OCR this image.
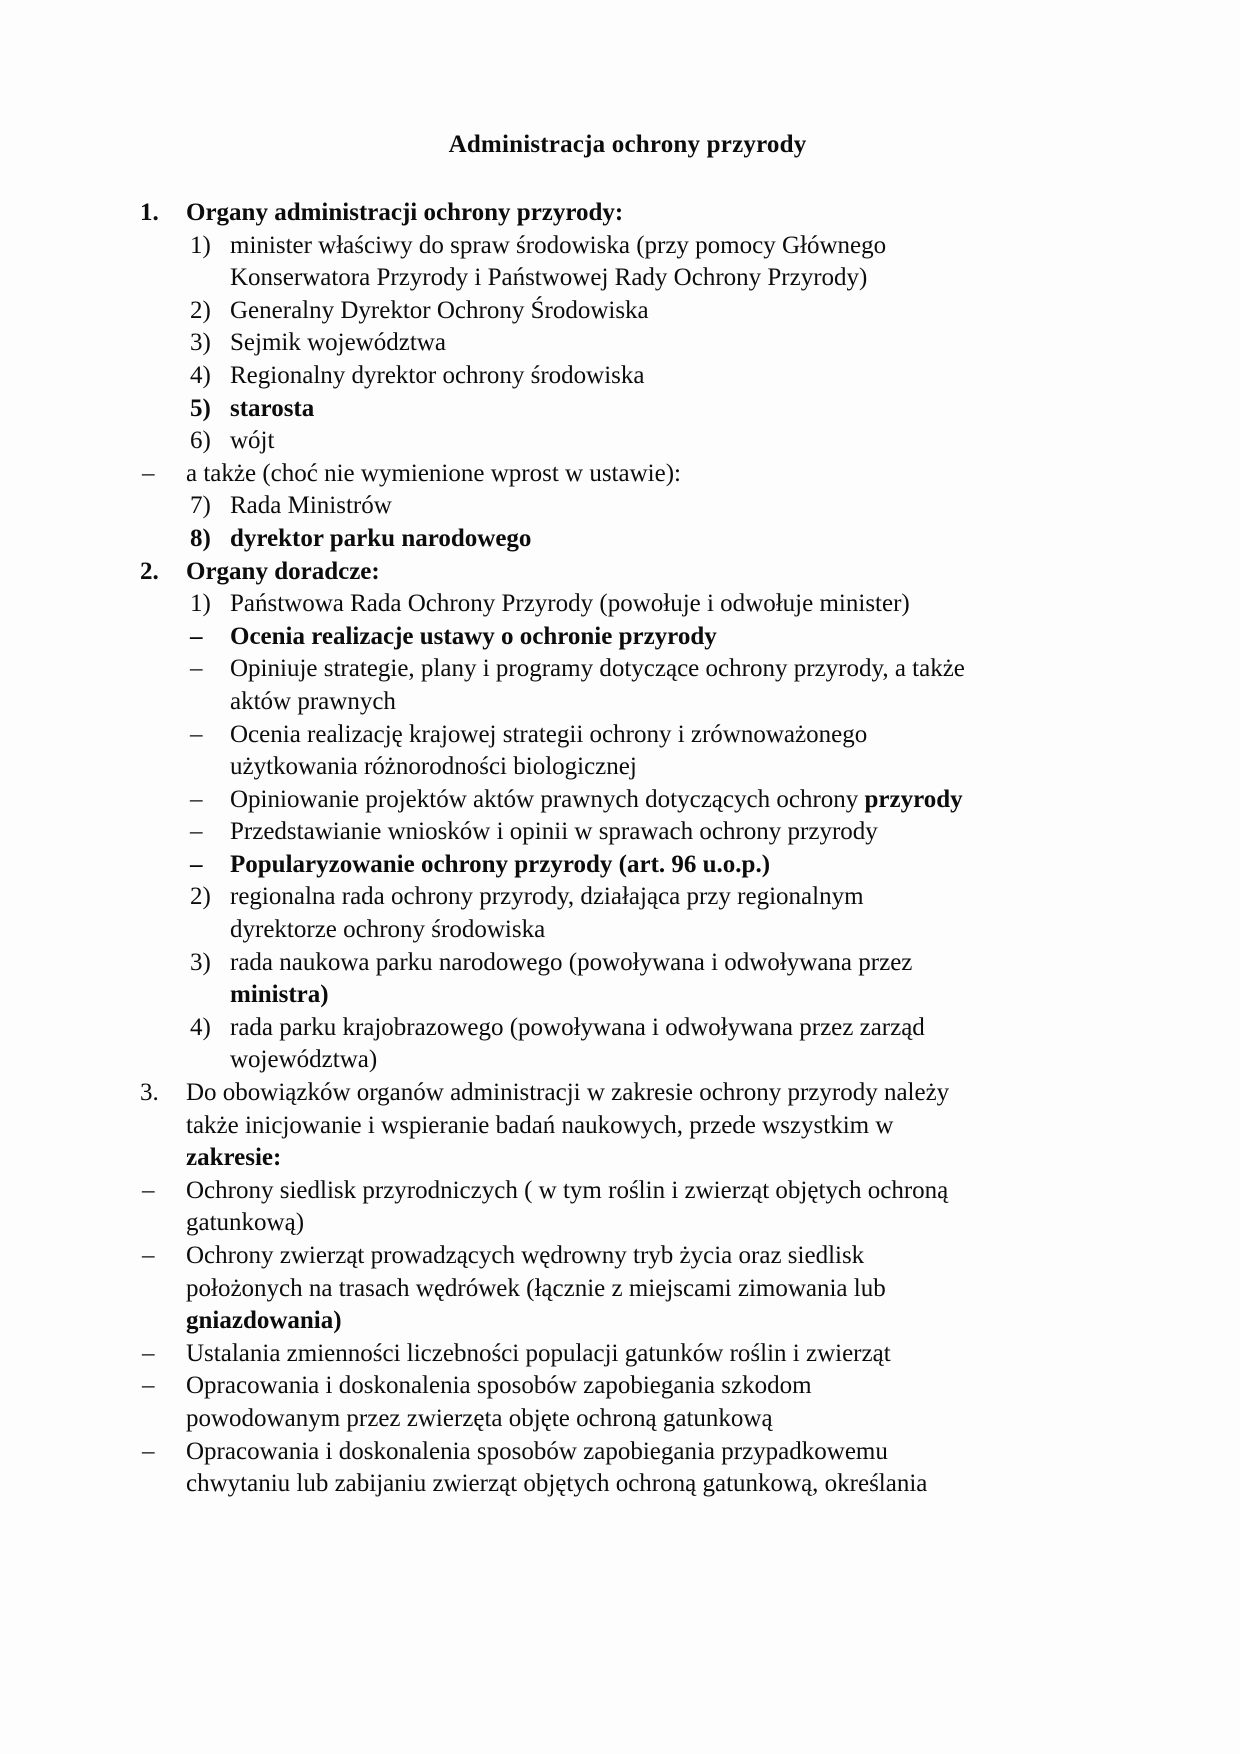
Administracja ochrony przyrody
1. Organy administracji ochrony przyrody:
1) minister właściwy do spraw środowiska (przy pomocy Głównego
Konserwatora Przyrody i Państwowej Rady Ochrony Przyrody)
2) Generalny Dyrektor Ochrony Środowiska
3) Sejmik województwa
4) Regionalny dyrektor ochrony środowiska
5) starosta
6) wójt
– a także (choć nie wymienione wprost w ustawie):
7) Rada Ministrów
8) dyrektor parku narodowego
2. Organy doradcze:
1) Państwowa Rada Ochrony Przyrody (powołuje i odwołuje minister)
– Ocenia realizacje ustawy o ochronie przyrody
– Opiniuje strategie, plany i programy dotyczące ochrony przyrody, a także
aktów prawnych
– Ocenia realizację krajowej strategii ochrony i zrównoważonego
użytkowania różnorodności biologicznej
– Opiniowanie projektów aktów prawnych dotyczących ochrony przyrody
– Przedstawianie wniosków i opinii w sprawach ochrony przyrody
– Popularyzowanie ochrony przyrody (art. 96 u.o.p.)
2) regionalna rada ochrony przyrody, działająca przy regionalnym
dyrektorze ochrony środowiska
3) rada naukowa parku narodowego (powoływana i odwoływana przez
ministra)
4) rada parku krajobrazowego (powoływana i odwoływana przez zarząd
województwa)
3. Do obowiązków organów administracji w zakresie ochrony przyrody należy
także inicjowanie i wspieranie badań naukowych, przede wszystkim w
zakresie:
– Ochrony siedlisk przyrodniczych ( w tym roślin i zwierząt objętych ochroną
gatunkową)
– Ochrony zwierząt prowadzących wędrowny tryb życia oraz siedlisk
położonych na trasach wędrówek (łącznie z miejscami zimowania lub
gniazdowania)
– Ustalania zmienności liczebności populacji gatunków roślin i zwierząt
– Opracowania i doskonalenia sposobów zapobiegania szkodom
powodowanym przez zwierzęta objęte ochroną gatunkową
– Opracowania i doskonalenia sposobów zapobiegania przypadkowemu
chwytaniu lub zabijaniu zwierząt objętych ochroną gatunkową, określania
